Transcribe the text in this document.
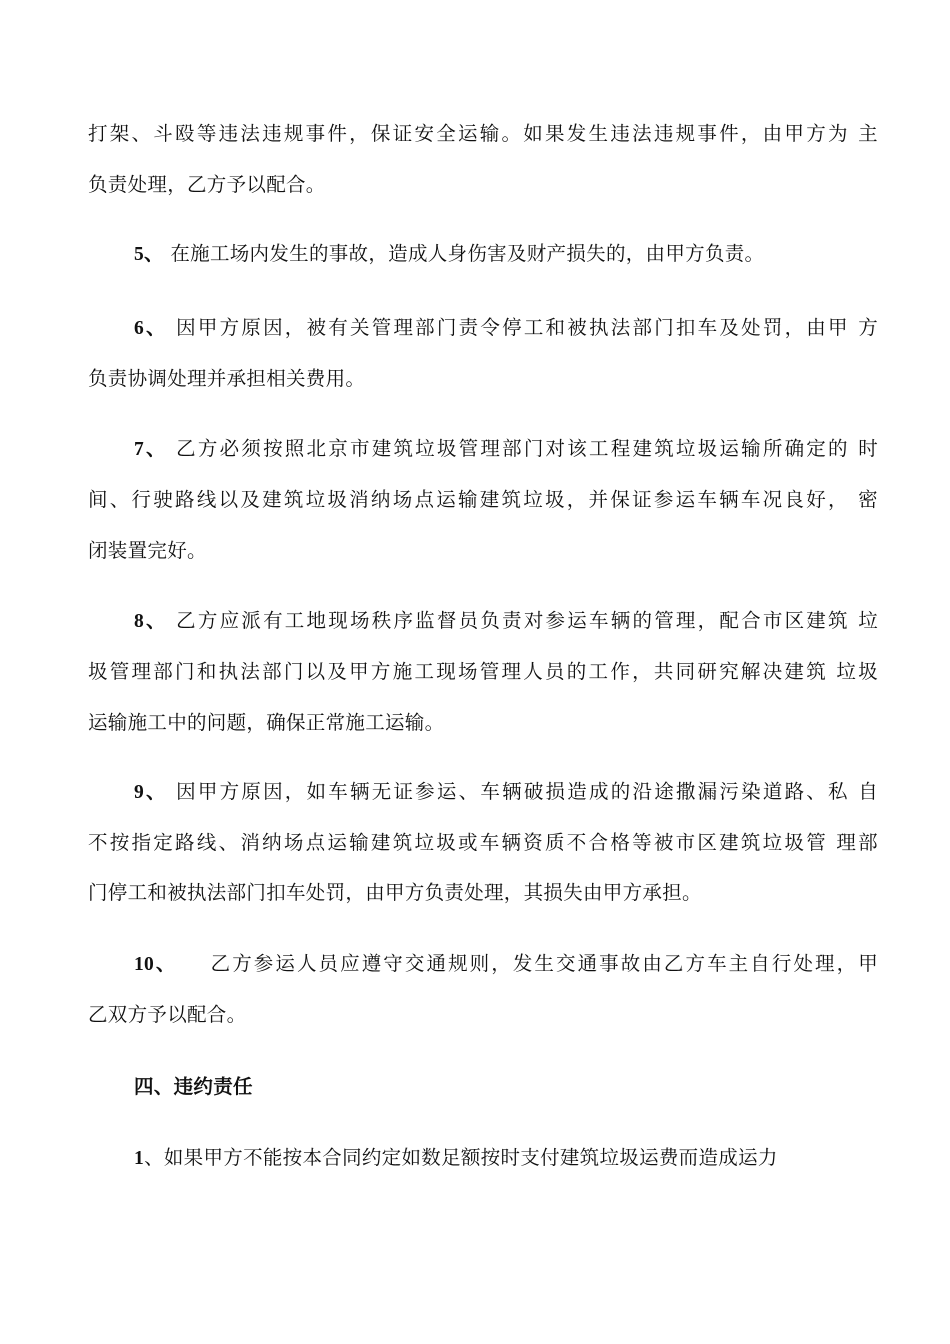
打架、斗殴等违法违规事件，保证安全运输。如果发生违法违规事件，由甲方为 主
负责处理，乙方予以配合。
5、 在施工场内发生的事故，造成人身伤害及财产损失的，由甲方负责。
6、 因甲方原因，被有关管理部门责令停工和被执法部门扣车及处罚，由甲 方
负责协调处理并承担相关费用。
7、 乙方必须按照北京市建筑垃圾管理部门对该工程建筑垃圾运输所确定的 时
间、行驶路线以及建筑垃圾消纳场点运输建筑垃圾，并保证参运车辆车况良好， 密
闭装置完好。
8、 乙方应派有工地现场秩序监督员负责对参运车辆的管理，配合市区建筑 垃
圾管理部门和执法部门以及甲方施工现场管理人员的工作，共同研究解决建筑 垃圾
运输施工中的问题，确保正常施工运输。
9、 因甲方原因，如车辆无证参运、车辆破损造成的沿途撒漏污染道路、私 自
不按指定路线、消纳场点运输建筑垃圾或车辆资质不合格等被市区建筑垃圾管 理部
门停工和被执法部门扣车处罚，由甲方负责处理，其损失由甲方承担。
10、    乙方参运人员应遵守交通规则，发生交通事故由乙方车主自行处理，甲
乙双方予以配合。
四、违约责任
1、如果甲方不能按本合同约定如数足额按时支付建筑垃圾运费而造成运力
